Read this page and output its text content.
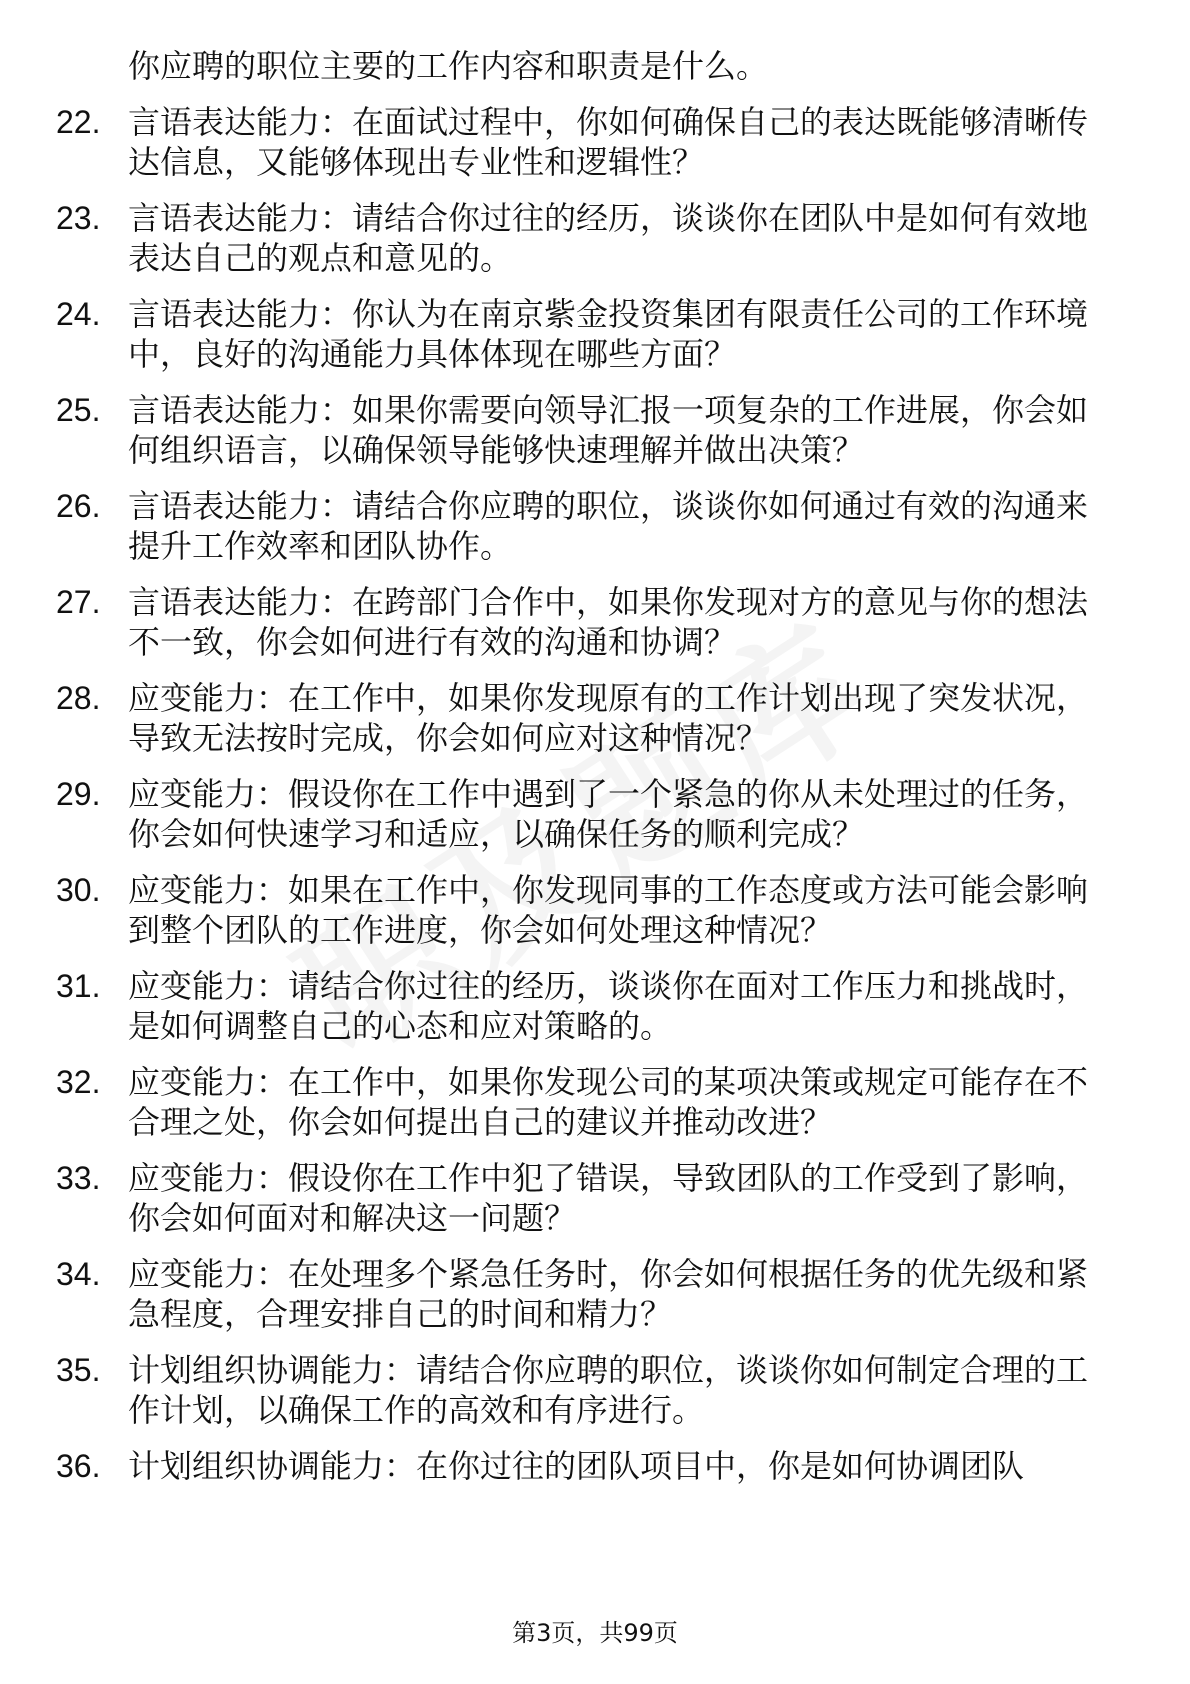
你应聘的职位主要的工作内容和职责是什么。
22. 言语表达能力：在面试过程中，你如何确保自己的表达既能够清晰传达信息，又能够体现出专业性和逻辑性？
23. 言语表达能力：请结合你过往的经历，谈谈你在团队中是如何有效地表达自己的观点和意见的。
24. 言语表达能力：你认为在南京紫金投资集团有限责任公司的工作环境中，良好的沟通能力具体体现在哪些方面？
25. 言语表达能力：如果你需要向领导汇报一项复杂的工作进展，你会如何组织语言，以确保领导能够快速理解并做出决策？
26. 言语表达能力：请结合你应聘的职位，谈谈你如何通过有效的沟通来提升工作效率和团队协作。
27. 言语表达能力：在跨部门合作中，如果你发现对方的意见与你的想法不一致，你会如何进行有效的沟通和协调？
28. 应变能力：在工作中，如果你发现原有的工作计划出现了突发状况，导致无法按时完成，你会如何应对这种情况？
29. 应变能力：假设你在工作中遇到了一个紧急的你从未处理过的任务，你会如何快速学习和适应，以确保任务的顺利完成？
30. 应变能力：如果在工作中，你发现同事的工作态度或方法可能会影响到整个团队的工作进度，你会如何处理这种情况？
31. 应变能力：请结合你过往的经历，谈谈你在面对工作压力和挑战时，是如何调整自己的心态和应对策略的。
32. 应变能力：在工作中，如果你发现公司的某项决策或规定可能存在不合理之处，你会如何提出自己的建议并推动改进？
33. 应变能力：假设你在工作中犯了错误，导致团队的工作受到了影响，你会如何面对和解决这一问题？
34. 应变能力：在处理多个紧急任务时，你会如何根据任务的优先级和紧急程度，合理安排自己的时间和精力？
35. 计划组织协调能力：请结合你应聘的职位，谈谈你如何制定合理的工作计划，以确保工作的高效和有序进行。
36. 计划组织协调能力：在你过往的团队项目中，你是如何协调团队
第3页，共99页
